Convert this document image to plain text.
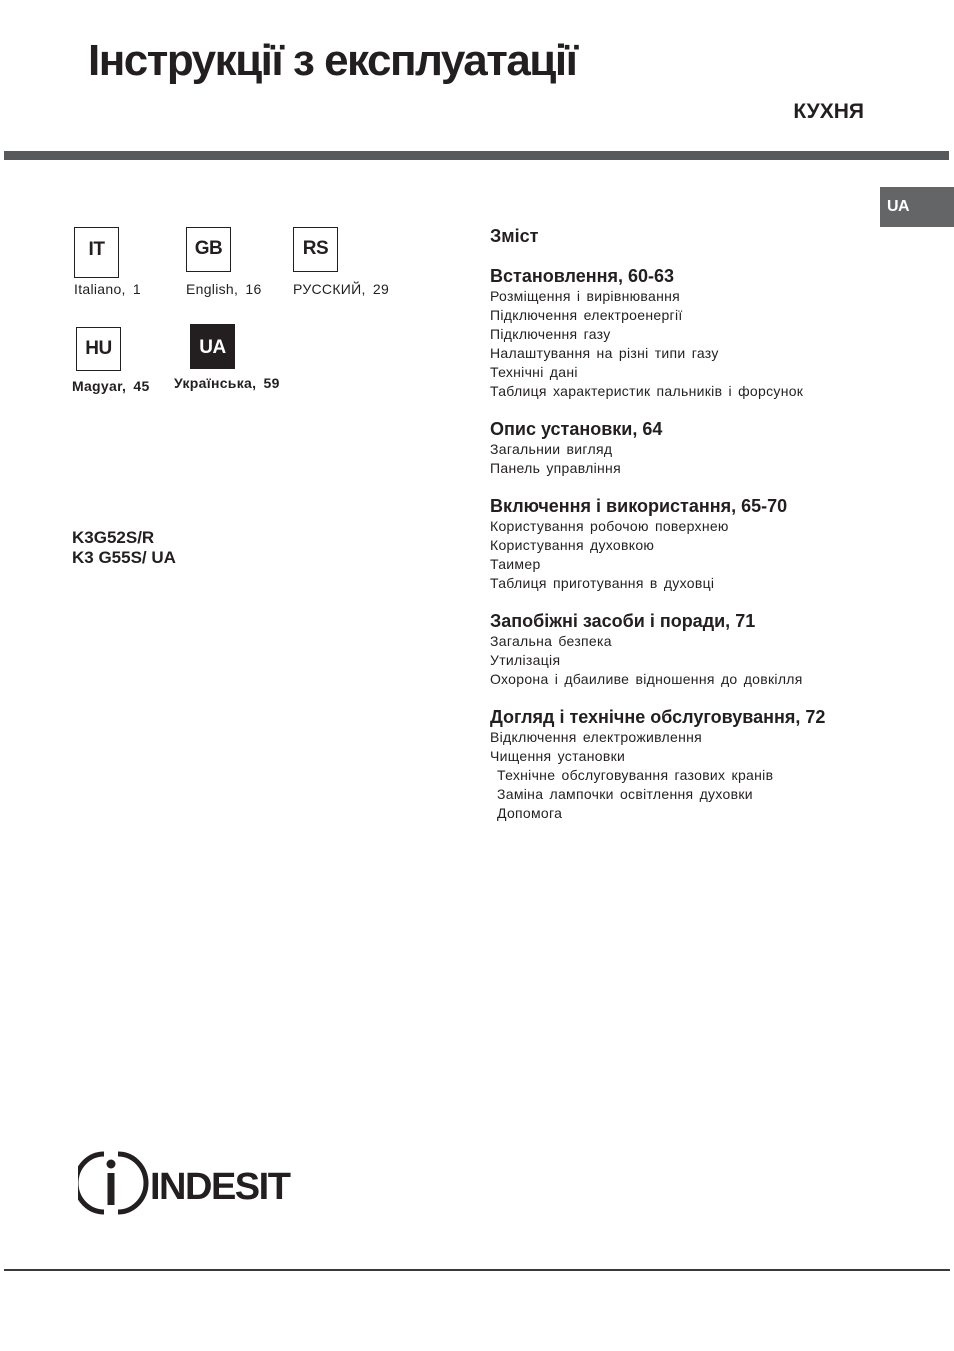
Інструкції з експлуатації
КУХНЯ
UA
IT
Italiano, 1
GB
English, 16
RS
РУССКИЙ, 29
HU
Magyar, 45
UA
Українська, 59
K3G52S/R
K3 G55S/ UA
Зміст
Встановлення, 60-63
Розміщення і вирівнювання
Підключення електроенергії
Підключення газу
Налаштування на різні типи газу
Технічні дані
Таблиця характеристик пальників і форсунок
Опис установки, 64
Загальнии вигляд
Панель управління
Включення і використання, 65-70
Користування робочою поверхнею
Користування духовкою
Таимер
Таблиця приготування в духовці
Запобіжні засоби і поради, 71
Загальна безпека
Утилізація
Охорона і дбаиливе відношення до довкілля
Догляд і технічне обслуговування, 72
Відключення електроживлення
Чищення установки
Технічне обслуговування газових кранів
Заміна лампочки освітлення духовки
Допомога
INDESIT
